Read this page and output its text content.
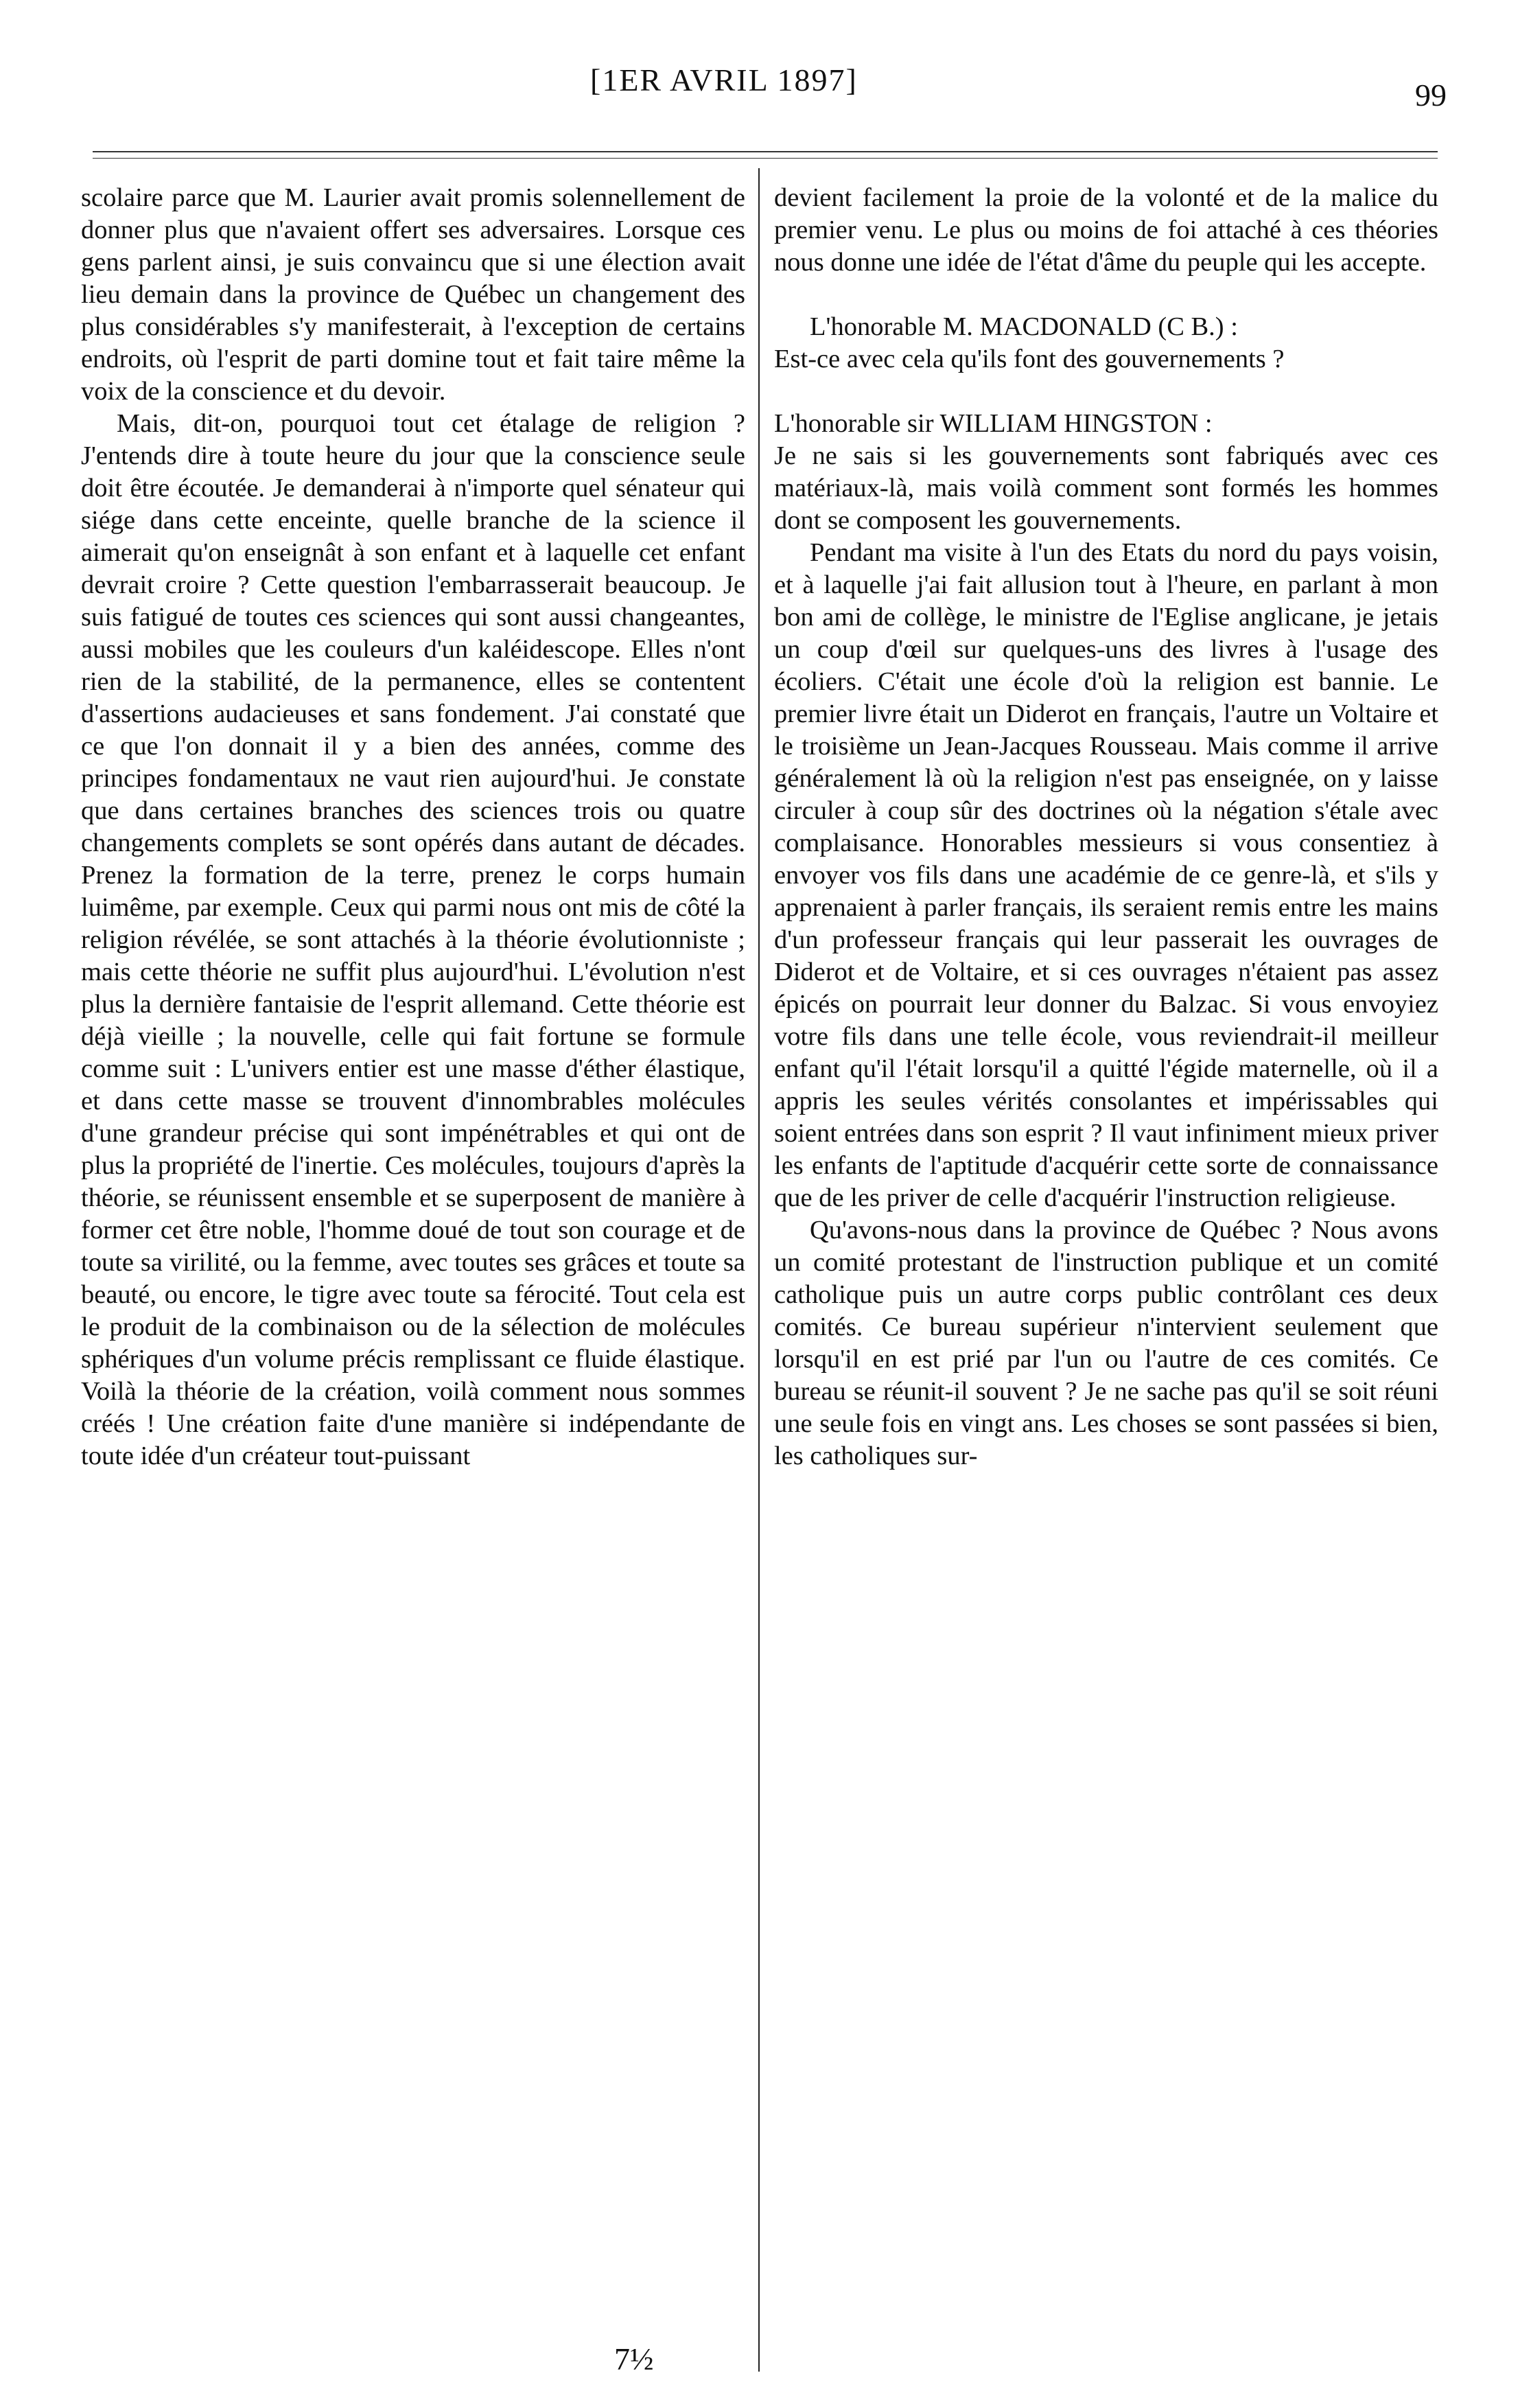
[1ER AVRIL 1897]	99

scolaire parce que M. Laurier avait promis solennellement de donner plus que n'avaient offert ses adversaires. Lorsque ces gens parlent ainsi, je suis convaincu que si une élection avait lieu demain dans la province de Québec un changement des plus considérables s'y manifesterait, à l'exception de certains endroits, où l'esprit de parti domine tout et fait taire même la voix de la conscience et du devoir.

Mais, dit-on, pourquoi tout cet étalage de religion ? J'entends dire à toute heure du jour que la conscience seule doit être écoutée. Je demanderai à n'importe quel sénateur qui siége dans cette enceinte, quelle branche de la science il aimerait qu'on enseignât à son enfant et à laquelle cet enfant devrait croire ? Cette question l'embarrasserait beaucoup. Je suis fatigué de toutes ces sciences qui sont aussi changeantes, aussi mobiles que les couleurs d'un kaléidescope. Elles n'ont rien de la stabilité, de la permanence, elles se contentent d'assertions audacieuses et sans fondement. J'ai constaté que ce que l'on donnait il y a bien des années, comme des principes fondamentaux ne vaut rien aujourd'hui. Je constate que dans certaines branches des sciences trois ou quatre changements complets se sont opérés dans autant de décades. Prenez la formation de la terre, prenez le corps humain luimême, par exemple. Ceux qui parmi nous ont mis de côté la religion révélée, se sont attachés à la théorie évolutionniste ; mais cette théorie ne suffit plus aujourd'hui. L'évolution n'est plus la dernière fantaisie de l'esprit allemand. Cette théorie est déjà vieille ; la nouvelle, celle qui fait fortune se formule comme suit : L'univers entier est une masse d'éther élastique, et dans cette masse se trouvent d'innombrables molécules d'une grandeur précise qui sont impénétrables et qui ont de plus la propriété de l'inertie. Ces molécules, toujours d'après la théorie, se réunissent ensemble et se superposent de manière à former cet être noble, l'homme doué de tout son courage et de toute sa virilité, ou la femme, avec toutes ses grâces et toute sa beauté, ou encore, le tigre avec toute sa férocité. Tout cela est le produit de la combinaison ou de la sélection de molécules sphériques d'un volume précis remplissant ce fluide élastique. Voilà la théorie de la création, voilà comment nous sommes créés ! Une création faite d'une manière si indépendante de toute idée d'un créateur tout-puissant

devient facilement la proie de la volonté et de la malice du premier venu. Le plus ou moins de foi attaché à ces théories nous donne une idée de l'état d'âme du peuple qui les accepte.

L'honorable M. MACDONALD (C B.) :

Est-ce avec cela qu'ils font des gouvernements ?

L'honorable sir WILLIAM HINGSTON :

Je ne sais si les gouvernements sont fabriqués avec ces matériaux-là, mais voilà comment sont formés les hommes dont se composent les gouvernements.

Pendant ma visite à l'un des Etats du nord du pays voisin, et à laquelle j'ai fait allusion tout à l'heure, en parlant à mon bon ami de collège, le ministre de l'Eglise anglicane, je jetais un coup d'œil sur quelques-uns des livres à l'usage des écoliers. C'était une école d'où la religion est bannie. Le premier livre était un Diderot en français, l'autre un Voltaire et le troisième un Jean-Jacques Rousseau. Mais comme il arrive généralement là où la religion n'est pas enseignée, on y laisse circuler à coup sûr des doctrines où la négation s'étale avec complaisance. Honorables messieurs si vous consentiez à envoyer vos fils dans une académie de ce genre-là, et s'ils y apprenaient à parler français, ils seraient remis entre les mains d'un professeur français qui leur passerait les ouvrages de Diderot et de Voltaire, et si ces ouvrages n'étaient pas assez épicés on pourrait leur donner du Balzac. Si vous envoyiez votre fils dans une telle école, vous reviendrait-il meilleur enfant qu'il l'était lorsqu'il a quitté l'égide maternelle, où il a appris les seules vérités consolantes et impérissables qui soient entrées dans son esprit ? Il vaut infiniment mieux priver les enfants de l'aptitude d'acquérir cette sorte de connaissance que de les priver de celle d'acquérir l'instruction religieuse.

Qu'avons-nous dans la province de Québec ? Nous avons un comité protestant de l'instruction publique et un comité catholique puis un autre corps public contrôlant ces deux comités. Ce bureau supérieur n'intervient seulement que lorsqu'il en est prié par l'un ou l'autre de ces comités. Ce bureau se réunit-il souvent ? Je ne sache pas qu'il se soit réuni une seule fois en vingt ans. Les choses se sont passées si bien, les catholiques sur-

7½
